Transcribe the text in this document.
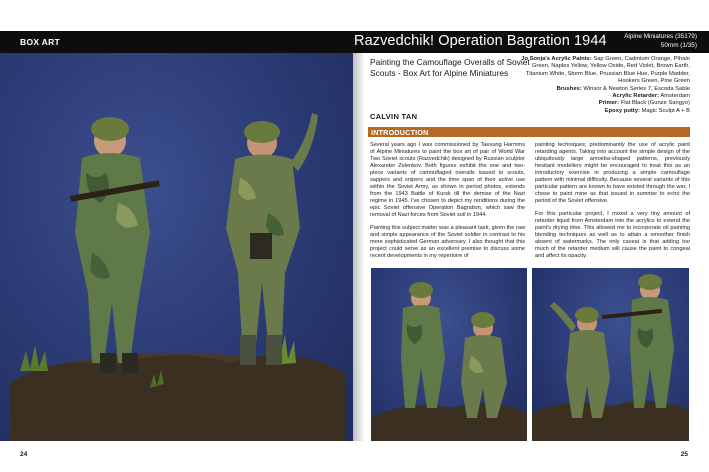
BOX ART	Razvedchik! Operation Bagration 1944	Alpine Miniatures (35179)
50mm (1/35)
Painting the Camouflage Overalls of Soviet Scouts - Box Art for Alpine Miniatures
Jo Sonja's Acrylic Paints: Sap Green, Cadmium Orange, Pthalo Green, Naples Yellow, Yellow Oxide, Red Violet, Brown Earth, Titanium White, Storm Blue, Prussian Blue Hue, Purple Madder, Hookers Green, Pine Green
Brushes: Winsor & Newton Series 7, Escoda Sable
Acrylic Retarder: Amsterdam
Primer: Flat Black (Gunze Sangyo)
Epoxy putty: Magic Sculpt A + B
CALVIN TAN
INTRODUCTION

Several years ago I was commissioned by Taesung Harmms of Alpine Miniatures to paint the box art of pair of World War Two Soviet scouts (Razvedchik) designed by Russian sculptor Alexander Zelenkov. Both figures exhibit the one and two-piece variants of camouflaged overalls issued to scouts, sappers and snipers and the time span of their active use within the Soviet Army, as shown in period photos, extends from the 1943 Battle of Kursk till the demise of the Nazi regime in 1945. I've chosen to depict my renditions during the epic Soviet offensive Operation Bagration, which saw the removal of Nazi forces from Soviet soil in 1944.

Painting this subject matter was a pleasant task, given the raw and simple appearance of the Soviet soldier in contrast to his more sophisticated German adversary. I also thought that this project could serve as an excellent premise to discuss some recent developments in my repertoire of

painting techniques; predominantly the use of acrylic paint retarding agents. Taking into account the simple design of the ubiquitously large amoeba-shaped patterns, previously hesitant modellers might be encouraged to treat this as an introductory exercise in producing a simple camouflage pattern with minimal difficulty. Because several variants of this particular pattern are known to have existed through the war, I chose to paint mine as that issued in summer to echo the period of the Soviet offensive.

For this particular project, I mixed a very tiny amount of retarder liquid from Amsterdam into the acrylics to extend the paint's drying time. This allowed me to incorporate oil painting blending techniques as well as to attain a smoother finish absent of watermarks. The only caveat is that adding too much of the retarder medium will cause the paint to congeal and affect its opacity.

24	25
